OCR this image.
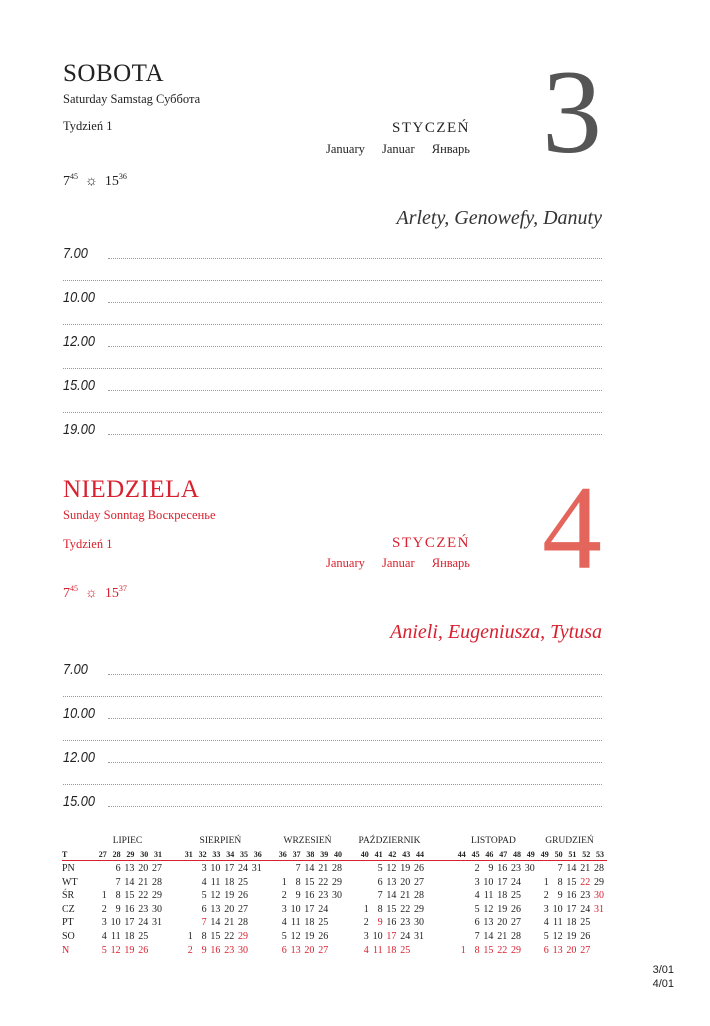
SOBOTA
Saturday Samstag Суббота
Tydzień 1	STYCZEŃ
January Januar Январь 3
$7^{45}$ ☼ $15^{36}$
Arlety, Genowefy, Danuty
7.00
10.00
12.00
15.00
19.00
NIEDZIELA
Sunday Sonntag Воскресенье
Tydzień 1	STYCZEŃ
January Januar Январь 4
$7^{45}$ ☼ $15^{37}$
Anieli, Eugeniusza, Tytusa
7.00
10.00
12.00
15.00
T
PN
WT
ŚR
CZ
PT
SO
N
LIPIEC
27 28 29 30 31
6 13 20 27
7 14 21 28
1 8 15 22 29
2 9 16 23 30
3 10 17 24 31
4 11 18 25
5 12 19 26
SIERPIEŃ
31 32 33 34 35 36
3 10 17 24 31
4 11 18 25
5 12 19 26
6 13 20 27
7 14 21 28
1 8 15 22 29
2 9 16 23 30
WRZESIEŃ
36 37 38 39 40
7 14 21 28
1 8 15 22 29
2 9 16 23 30
3 10 17 24
4 11 18 25
5 12 19 26
6 13 20 27
PAŹDZIERNIK
40 41 42 43 44
5 12 19 26
6 13 20 27
7 14 21 28
1 8 15 22 29
2 9 16 23 30
3 10 17 24 31
4 11 18 25
LISTOPAD
44 45 46 47 48 49
2 9 16 23 30
3 10 17 24
4 11 18 25
5 12 19 26
6 13 20 27
7 14 21 28
1 8 15 22 29
GRUDZIEŃ
49 50 51 52 53
7 14 21 28
1 8 15 22 29
2 9 16 23 30
3 10 17 24 31
4 11 18 25
5 12 19 26
6 13 20 27
3/01
4/01
